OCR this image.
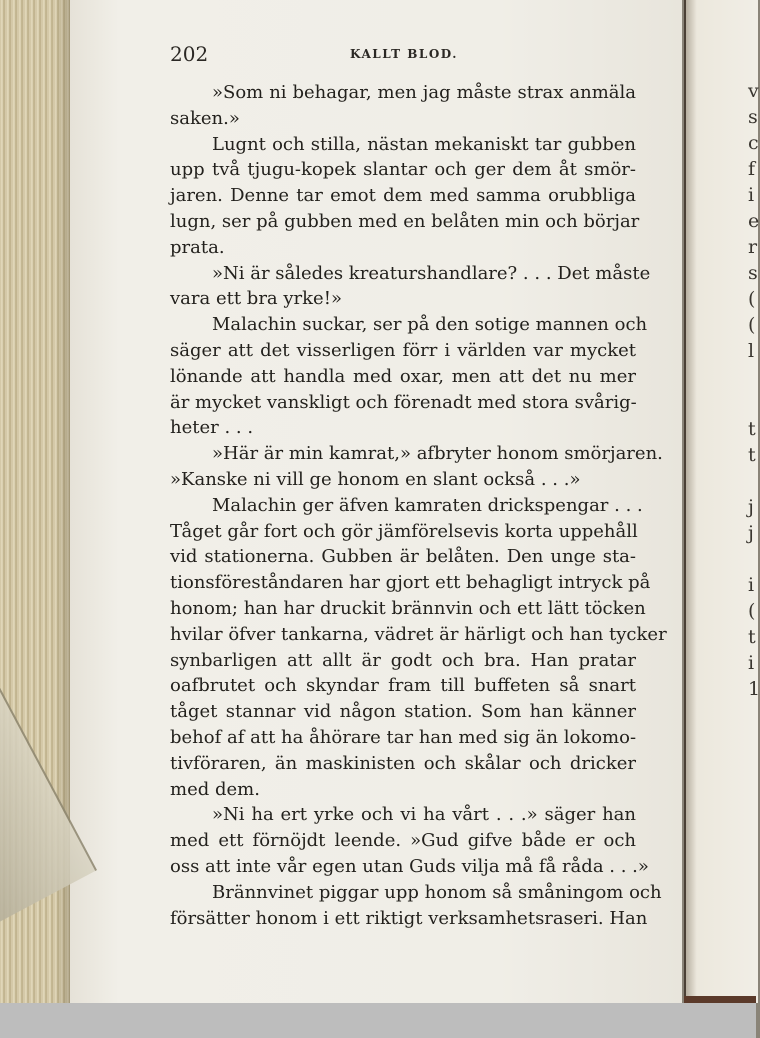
v
s
c
f
i
e
r
s
(
(
l
t
t
j
j
i
(
t
i
1
202	KALLT BLOD.
»Som ni behagar, men jag måste strax anmäla
saken.»
Lugnt och stilla, nästan mekaniskt tar gubben
upp två tjugu-kopek slantar och ger dem åt smör-
jaren. Denne tar emot dem med samma orubbliga
lugn, ser på gubben med en belåten min och börjar
prata.
»Ni är således kreaturshandlare? . . . Det måste
vara ett bra yrke!»
Malachin suckar, ser på den sotige mannen och
säger att det visserligen förr i världen var mycket
lönande att handla med oxar, men att det nu mer
är mycket vanskligt och förenadt med stora svårig-
heter . . .
»Här är min kamrat,» afbryter honom smörjaren.
»Kanske ni vill ge honom en slant också . . .»
Malachin ger äfven kamraten drickspengar . . .
Tåget går fort och gör jämförelsevis korta uppehåll
vid stationerna. Gubben är belåten. Den unge sta-
tionsföreståndaren har gjort ett behagligt intryck på
honom; han har druckit brännvin och ett lätt töcken
hvilar öfver tankarna, vädret är härligt och han tycker
synbarligen att allt är godt och bra. Han pratar
oafbrutet och skyndar fram till buffeten så snart
tåget stannar vid någon station. Som han känner
behof af att ha åhörare tar han med sig än lokomo-
tivföraren, än maskinisten och skålar och dricker
med dem.
»Ni ha ert yrke och vi ha vårt . . .» säger han
med ett förnöjdt leende. »Gud gifve både er och
oss att inte vår egen utan Guds vilja må få råda . . .»
Brännvinet piggar upp honom så småningom och
försätter honom i ett riktigt verksamhetsraseri. Han
